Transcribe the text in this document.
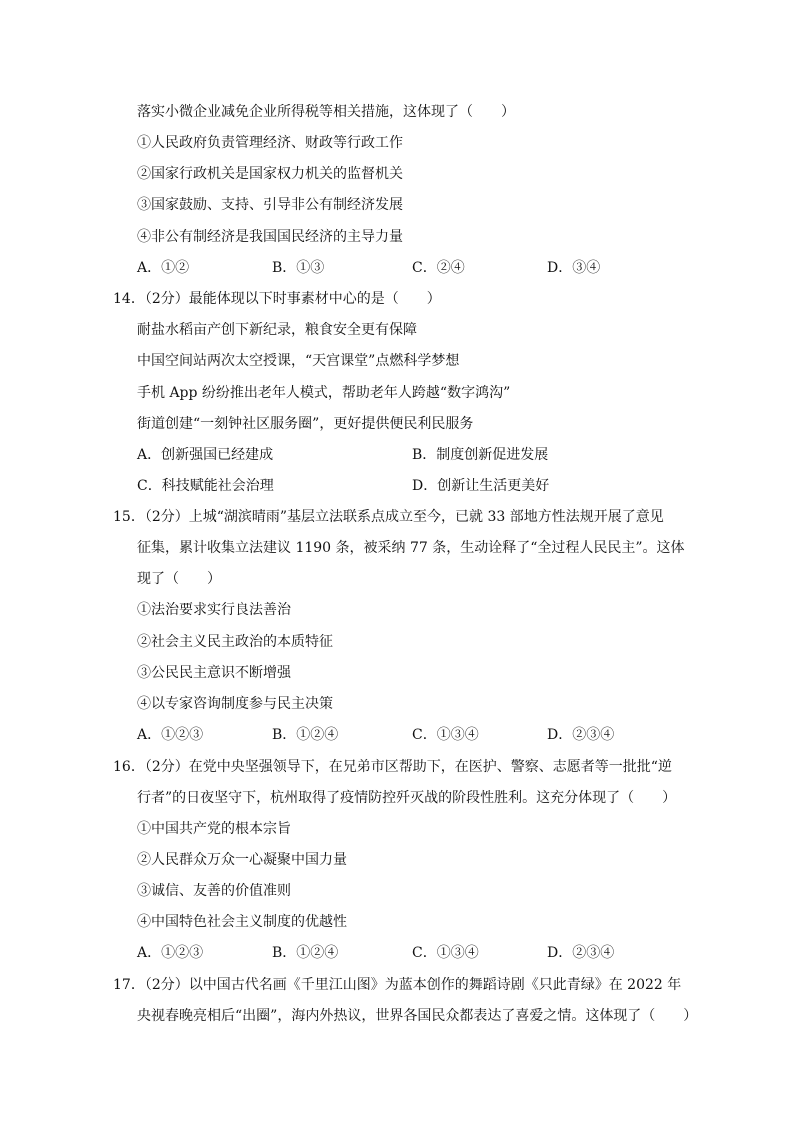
落实小微企业减免企业所得税等相关措施，这体现了（　　）
①人民政府负责管理经济、财政等行政工作
②国家行政机关是国家权力机关的监督机关
③国家鼓励、支持、引导非公有制经济发展
④非公有制经济是我国国民经济的主导力量
A．①②	B．①③	C．②④	D．③④
14．（2分）最能体现以下时事素材中心的是（　　）
耐盐水稻亩产创下新纪录，粮食安全更有保障
中国空间站两次太空授课，“天宫课堂”点燃科学梦想
手机 App 纷纷推出老年人模式，帮助老年人跨越“数字鸿沟”
街道创建“一刻钟社区服务圈”，更好提供便民利民服务
A．创新强国已经建成	B．制度创新促进发展
C．科技赋能社会治理	D．创新让生活更美好
15．（2分）上城“湖滨晴雨”基层立法联系点成立至今，已就 33 部地方性法规开展了意见
征集，累计收集立法建议 1190 条，被采纳 77 条，生动诠释了“全过程人民民主”。这体
现了（　　）
①法治要求实行良法善治
②社会主义民主政治的本质特征
③公民民主意识不断增强
④以专家咨询制度参与民主决策
A．①②③	B．①②④	C．①③④	D．②③④
16．（2分）在党中央坚强领导下，在兄弟市区帮助下，在医护、警察、志愿者等一批批“逆
行者”的日夜坚守下，杭州取得了疫情防控歼灭战的阶段性胜利。这充分体现了（　　）
①中国共产党的根本宗旨
②人民群众万众一心凝聚中国力量
③诚信、友善的价值准则
④中国特色社会主义制度的优越性
A．①②③	B．①②④	C．①③④	D．②③④
17．（2分）以中国古代名画《千里江山图》为蓝本创作的舞蹈诗剧《只此青绿》在 2022 年
央视春晚亮相后“出圈”，海内外热议，世界各国民众都表达了喜爱之情。这体现了（　　）
